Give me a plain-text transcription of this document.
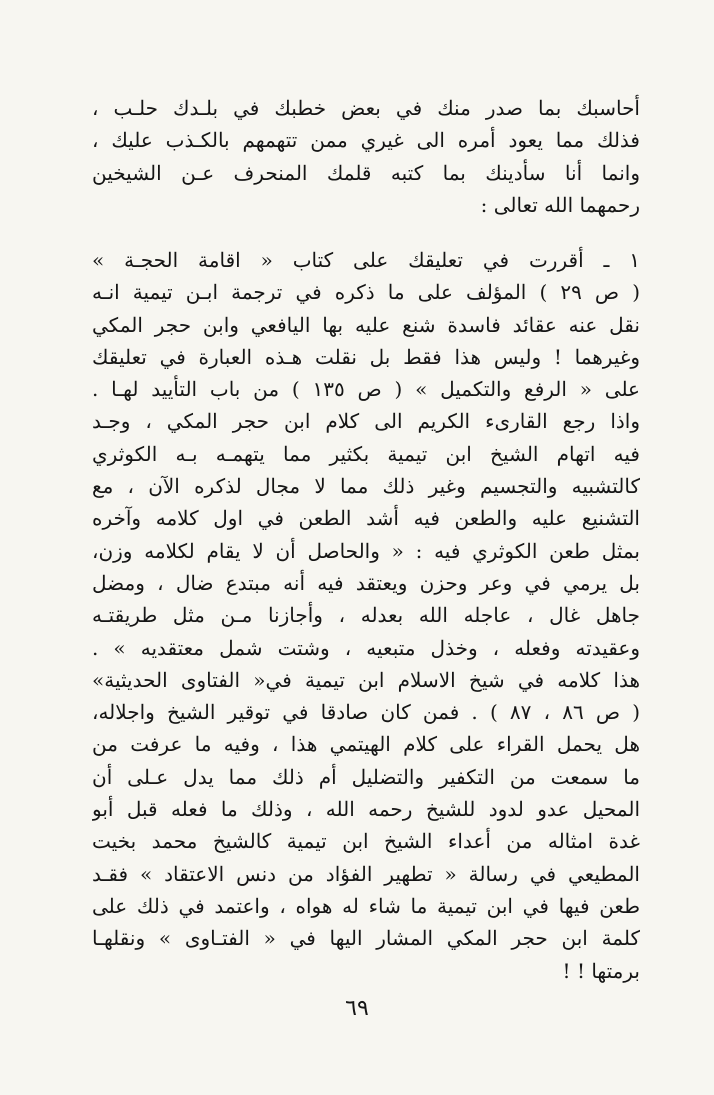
أحاسبك بما صدر منك في بعض خطبك في بلـدك حلـب ،
فذلك مما يعود أمره الى غيري ممن تتهمهم بالكـذب عليك ،
وانما أنا سأدينك بما كتبه قلمك المنحرف عـن الشيخين
رحمهما الله تعالى :
١ ـ أقررت في تعليقك على كتاب « اقامة الحجـة »
( ص ٢٩ ) المؤلف على ما ذكره في ترجمة ابـن تيمية انـه
نقل عنه عقائد فاسدة شنع عليه بها اليافعي وابن حجر المكي
وغيرهما ! وليس هذا فقط بل نقلت هـذه العبارة في تعليقك
على « الرفع والتكميل » ( ص ١٣٥ ) من باب التأييد لهـا .
واذا رجع القارىء الكريم الى كلام ابن حجر المكي ، وجـد
فيه اتهام الشيخ ابن تيمية بكثير مما يتهمـه بـه الكوثري
كالتشبيه والتجسيم وغير ذلك مما لا مجال لذكره الآن ، مع
التشنيع عليه والطعن فيه أشد الطعن في اول كلامه وآخره
بمثل طعن الكوثري فيه : « والحاصل أن لا يقام لكلامه وزن،
بل يرمي في وعر وحزن ويعتقد فيه أنه مبتدع ضال ، ومضل
جاهل غال ، عاجله الله بعدله ، وأجازنا مـن مثل طريقتـه
وعقيدته وفعله ، وخذل متبعيه ، وشتت شمل معتقديه » .
هذا كلامه في شيخ الاسلام ابن تيمية في« الفتاوى الحديثية»
( ص ٨٦ ، ٨٧ ) . فمن كان صادقا في توقير الشيخ واجلاله،
هل يحمل القراء على كلام الهيتمي هذا ، وفيه ما عرفت من
ما سمعت من التكفير والتضليل أم ذلك مما يدل عـلى أن
المحيل عدو لدود للشيخ رحمه الله ، وذلك ما فعله قبل أبو
غدة امثاله من أعداء الشيخ ابن تيمية كالشيخ محمد بخيت
المطيعي في رسالة « تطهير الفؤاد من دنس الاعتقاد » فقـد
طعن فيها في ابن تيمية ما شاء له هواه ، واعتمد في ذلك على
كلمة ابن حجر المكي المشار اليها في « الفتـاوى » ونقلهـا
برمتها ! !
٦٩
